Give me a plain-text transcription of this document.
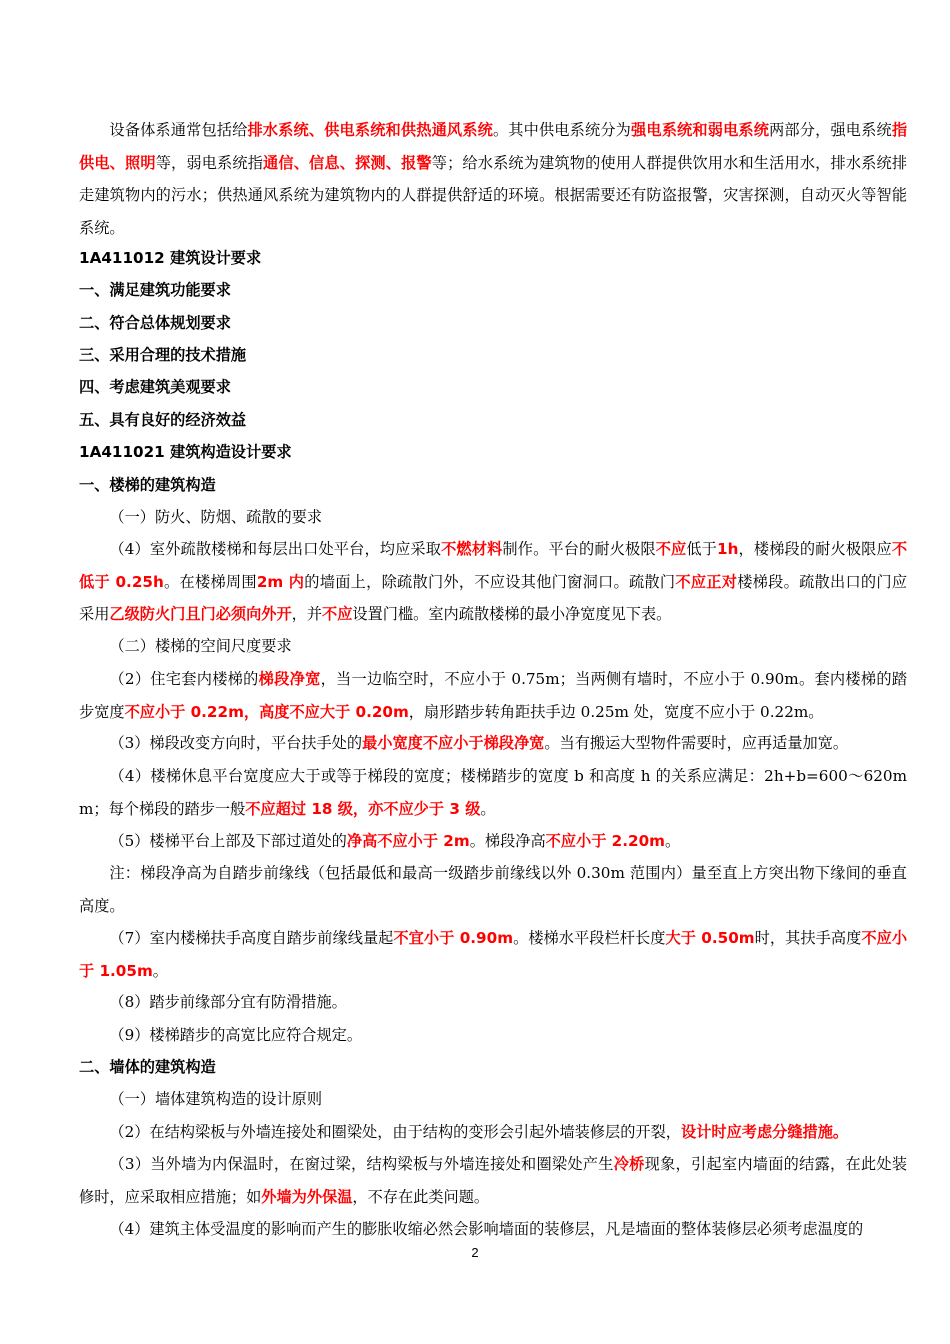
设备体系通常包括给排水系统、供电系统和供热通风系统。其中供电系统分为强电系统和弱电系统两部分，强电系统指供电、照明等，弱电系统指通信、信息、探测、报警等；给水系统为建筑物的使用人群提供饮用水和生活用水，排水系统排走建筑物内的污水；供热通风系统为建筑物内的人群提供舒适的环境。根据需要还有防盗报警，灾害探测，自动灭火等智能系统。
1A411012 建筑设计要求
一、满足建筑功能要求
二、符合总体规划要求
三、采用合理的技术措施
四、考虑建筑美观要求
五、具有良好的经济效益
1A411021 建筑构造设计要求
一、楼梯的建筑构造
（一）防火、防烟、疏散的要求
（4）室外疏散楼梯和每层出口处平台，均应采取不燃材料制作。平台的耐火极限不应低于1h，楼梯段的耐火极限应不低于 0.25h。在楼梯周围2m 内的墙面上，除疏散门外，不应设其他门窗洞口。疏散门不应正对楼梯段。疏散出口的门应采用乙级防火门且门必须向外开，并不应设置门槛。室内疏散楼梯的最小净宽度见下表。
（二）楼梯的空间尺度要求
（2）住宅套内楼梯的梯段净宽，当一边临空时，不应小于 0.75m；当两侧有墙时，不应小于 0.90m。套内楼梯的踏步宽度不应小于 0.22m，高度不应大于 0.20m，扇形踏步转角距扶手边 0.25m 处，宽度不应小于 0.22m。
（3）梯段改变方向时，平台扶手处的最小宽度不应小于梯段净宽。当有搬运大型物件需要时，应再适量加宽。
（4）楼梯休息平台宽度应大于或等于梯段的宽度；楼梯踏步的宽度 b 和高度 h 的关系应满足：2h+b=600～620mm；每个梯段的踏步一般不应超过 18 级，亦不应少于 3 级。
（5）楼梯平台上部及下部过道处的净高不应小于 2m。梯段净高不应小于 2.20m。
注：梯段净高为自踏步前缘线（包括最低和最高一级踏步前缘线以外 0.30m 范围内）量至直上方突出物下缘间的垂直高度。
（7）室内楼梯扶手高度自踏步前缘线量起不宜小于 0.90m。楼梯水平段栏杆长度大于 0.50m时，其扶手高度不应小于 1.05m。
（8）踏步前缘部分宜有防滑措施。
（9）楼梯踏步的高宽比应符合规定。
二、墙体的建筑构造
（一）墙体建筑构造的设计原则
（2）在结构梁板与外墙连接处和圈梁处，由于结构的变形会引起外墙装修层的开裂，设计时应考虑分缝措施。
（3）当外墙为内保温时，在窗过梁，结构梁板与外墙连接处和圈梁处产生冷桥现象，引起室内墙面的结露，在此处装修时，应采取相应措施；如外墙为外保温，不存在此类问题。
（4）建筑主体受温度的影响而产生的膨胀收缩必然会影响墙面的装修层，凡是墙面的整体装修层必须考虑温度的
2
